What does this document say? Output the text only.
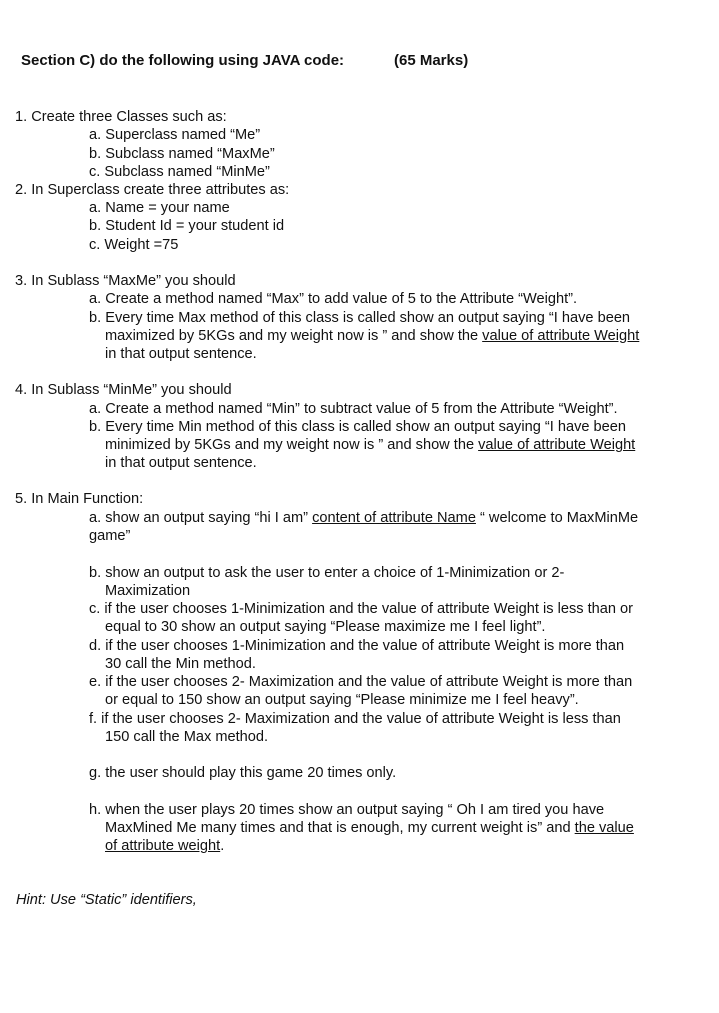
Section C) do the following using JAVA code:	(65 Marks)
1. Create three Classes such as:
a. Superclass named “Me”
b. Subclass named “MaxMe”
c. Subclass named “MinMe”
2. In Superclass create three attributes as:
a. Name = your name
b. Student Id = your student id
c. Weight =75
3. In Sublass “MaxMe” you should
a. Create a method named “Max” to add value of 5 to the Attribute “Weight”.
b. Every time Max method of this class is called show an output saying “I have been
maximized by 5KGs and my weight now is ” and show the value of attribute Weight
in that output sentence.
4. In Sublass “MinMe” you should
a. Create a method named “Min” to subtract value of 5 from the Attribute “Weight”.
b. Every time Min method of this class is called show an output saying “I have been
minimized by 5KGs and my weight now is ” and show the value of attribute Weight
in that output sentence.
5. In Main Function:
a. show an output saying “hi I am” content of attribute Name “ welcome to MaxMinMe
game”
b. show an output to ask the user to enter a choice of 1-Minimization or 2-
Maximization
c. if the user chooses 1-Minimization and the value of attribute Weight is less than or
equal to 30 show an output saying “Please maximize me I feel light”.
d. if the user chooses 1-Minimization and the value of attribute Weight is more than
30 call the Min method.
e. if the user chooses 2- Maximization and the value of attribute Weight is more than
or equal to 150 show an output saying “Please minimize me I feel heavy”.
f. if the user chooses 2- Maximization and the value of attribute Weight is less than
150 call the Max method.
g. the user should play this game 20 times only.
h. when the user plays 20 times show an output saying “ Oh I am tired you have
MaxMined Me many times and that is enough, my current weight is” and the value
of attribute weight.
Hint: Use “Static” identifiers,
